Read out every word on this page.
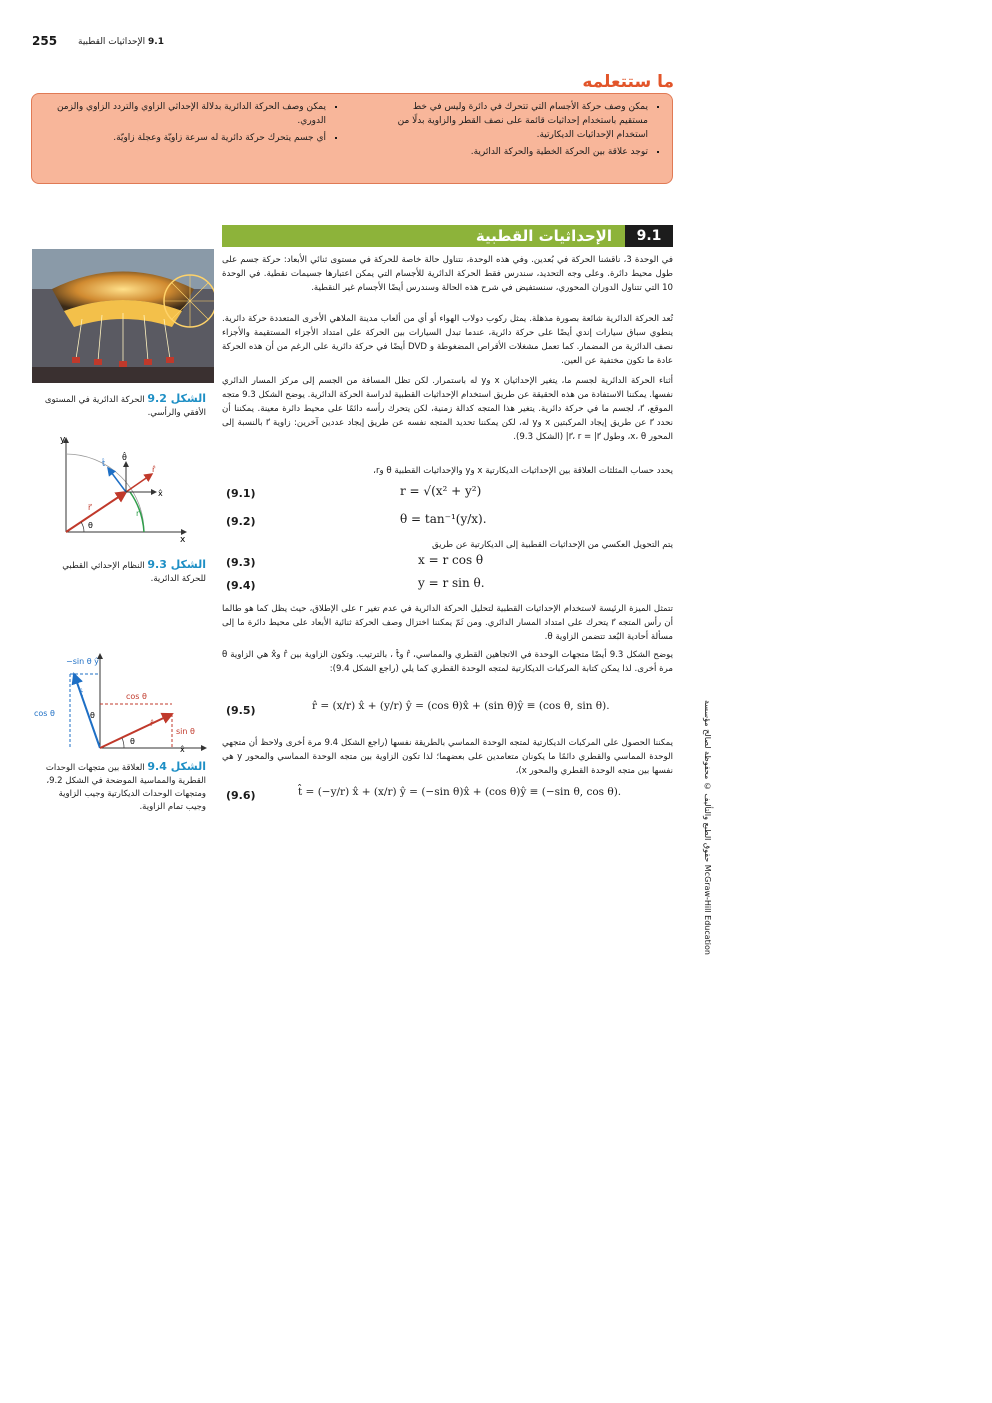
255	9.1 الإحداثيات القطبية
ما ستتعلمه
▪ يمكن وصف حركة الأجسام التي تتحرك في دائرة وليس في خط مستقيم باستخدام إحداثيات قائمة على نصف القطر والزاوية بدلًا من استخدام الإحداثيات الديكارتية.
▪ توجد علاقة بين الحركة الخطية والحركة الدائرية.
▪ يمكن وصف الحركة الدائرية بدلالة الإحداثي الزاوي والتردد الزاوي والزمن الدوري.
▪ أي جسم يتحرك حركة دائرية له سرعة زاويّة وعجلة زاويّة.
9.1
الإحداثيات القطبية

في الوحدة 3، ناقشنا الحركة في بُعدين. وفي هذه الوحدة، نتناول حالة خاصة للحركة في مستوى ثنائي الأبعاد: حركة جسم على طول محيط دائرة. وعلى وجه التحديد، سندرس فقط الحركة الدائرية للأجسام التي يمكن اعتبارها جسيمات نقطية. في الوحدة 10 التي تتناول الدوران المحوري، سنستفيض في شرح هذه الحالة وسندرس أيضًا الأجسام غير النقطية.

تُعد الحركة الدائرية شائعة بصورة مذهلة. يمثل ركوب دولاب الهواء أو أي من ألعاب مدينة الملاهي الأخرى المتعددة حركة دائرية. ينطوي سباق سيارات إندي أيضًا على حركة دائرية، عندما تبدل السيارات بين الحركة على امتداد الأجزاء المستقيمة والأجزاء نصف الدائرية من المضمار. كما تعمل مشغلات الأقراص المضغوطة و DVD أيضًا في حركة دائرية على الرغم من أن هذه الحركة عادة ما تكون مختفية عن العين.

أثناء الحركة الدائرية لجسم ما، يتغير الإحداثيان x وy له باستمرار. لكن تظل المسافة من الجسم إلى مركز المسار الدائري نفسها. يمكننا الاستفادة من هذه الحقيقة عن طريق استخدام الإحداثيات القطبية لدراسة الحركة الدائرية. يوضح الشكل 9.3 متجه الموقع، r⃗، لجسم ما في حركة دائرية. يتغير هذا المتجه كدالة زمنية، لكن يتحرك رأسه دائمًا على محيط دائرة معينة. يمكننا أن نحدد r⃗ عن طريق إيجاد المركبتين x وy له، لكن يمكننا تحديد المتجه نفسه عن طريق إيجاد عددين آخرين: زاوية r⃗ بالنسبة إلى المحور x، θ، وطول r⃗، r = |r⃗| (الشكل 9.3).

يحدد حساب المثلثات العلاقة بين الإحداثيات الديكارتية x وy والإحداثيات القطبية θ وr،

(9.1)	r = √(x² + y²)
(9.2)	θ = tan⁻¹(y/x).

يتم التحويل العكسي من الإحداثيات القطبية إلى الديكارتية عن طريق

(9.3)	x = r cos θ
(9.4)	y = r sin θ.

تتمثل الميزة الرئيسة لاستخدام الإحداثيات القطبية لتحليل الحركة الدائرية في عدم تغير r على الإطلاق، حيث يظل كما هو طالما أن رأس المتجه r⃗ يتحرك على امتداد المسار الدائري. ومن ثَمّ يمكننا اختزال وصف الحركة ثنائية الأبعاد على محيط دائرة ما إلى مسألة أحادية البُعد تتضمن الزاوية θ.

يوضح الشكل 9.3 أيضًا متجهات الوحدة في الاتجاهين القطري والمماسي، r̂ وt̂ ، بالترتيب. وتكون الزاوية بين r̂ وx̂ هي الزاوية θ مرة أخرى. لذا يمكن كتابة المركبات الديكارتية لمتجه الوحدة القطري كما يلي (راجع الشكل 9.4):

(9.5)	r̂ = (x/r) x̂ + (y/r) ŷ = (cos θ)x̂ + (sin θ)ŷ ≡ (cos θ, sin θ).

يمكننا الحصول على المركبات الديكارتية لمتجه الوحدة المماسي بالطريقة نفسها (راجع الشكل 9.4 مرة أخرى ولاحظ أن متجهي الوحدة المماسي والقطري دائمًا ما يكونان متعامدين على بعضهما؛ لذا تكون الزاوية بين متجه الوحدة المماسي والمحور y هي نفسها بين متجه الوحدة القطري والمحور x)،

(9.6)	t̂ = (−y/r) x̂ + (x/r) ŷ = (−sin θ)x̂ + (cos θ)ŷ ≡ (−sin θ, cos θ).
الشكل 9.2 الحركة الدائرية في المستوى الأفقي والرأسي.
y
x
θ̂
t̂
r̂
x̂
r⃗
θ
r
الشكل 9.3 النظام الإحداثي القطبي للحركة الدائرية.
−sin θ ŷ
t̂
cos θ	θ
cos θ
r̂
θ
sin θ
x̂
الشكل 9.4 العلاقة بين متجهات الوحدات القطرية والمماسية الموضحة في الشكل 9.2، ومتجهات الوحدات الديكارتية وجيب الزاوية وجيب تمام الزاوية.	حقوق الطبع والتأليف © محفوظة لصالح مؤسسة McGraw-Hill Education
